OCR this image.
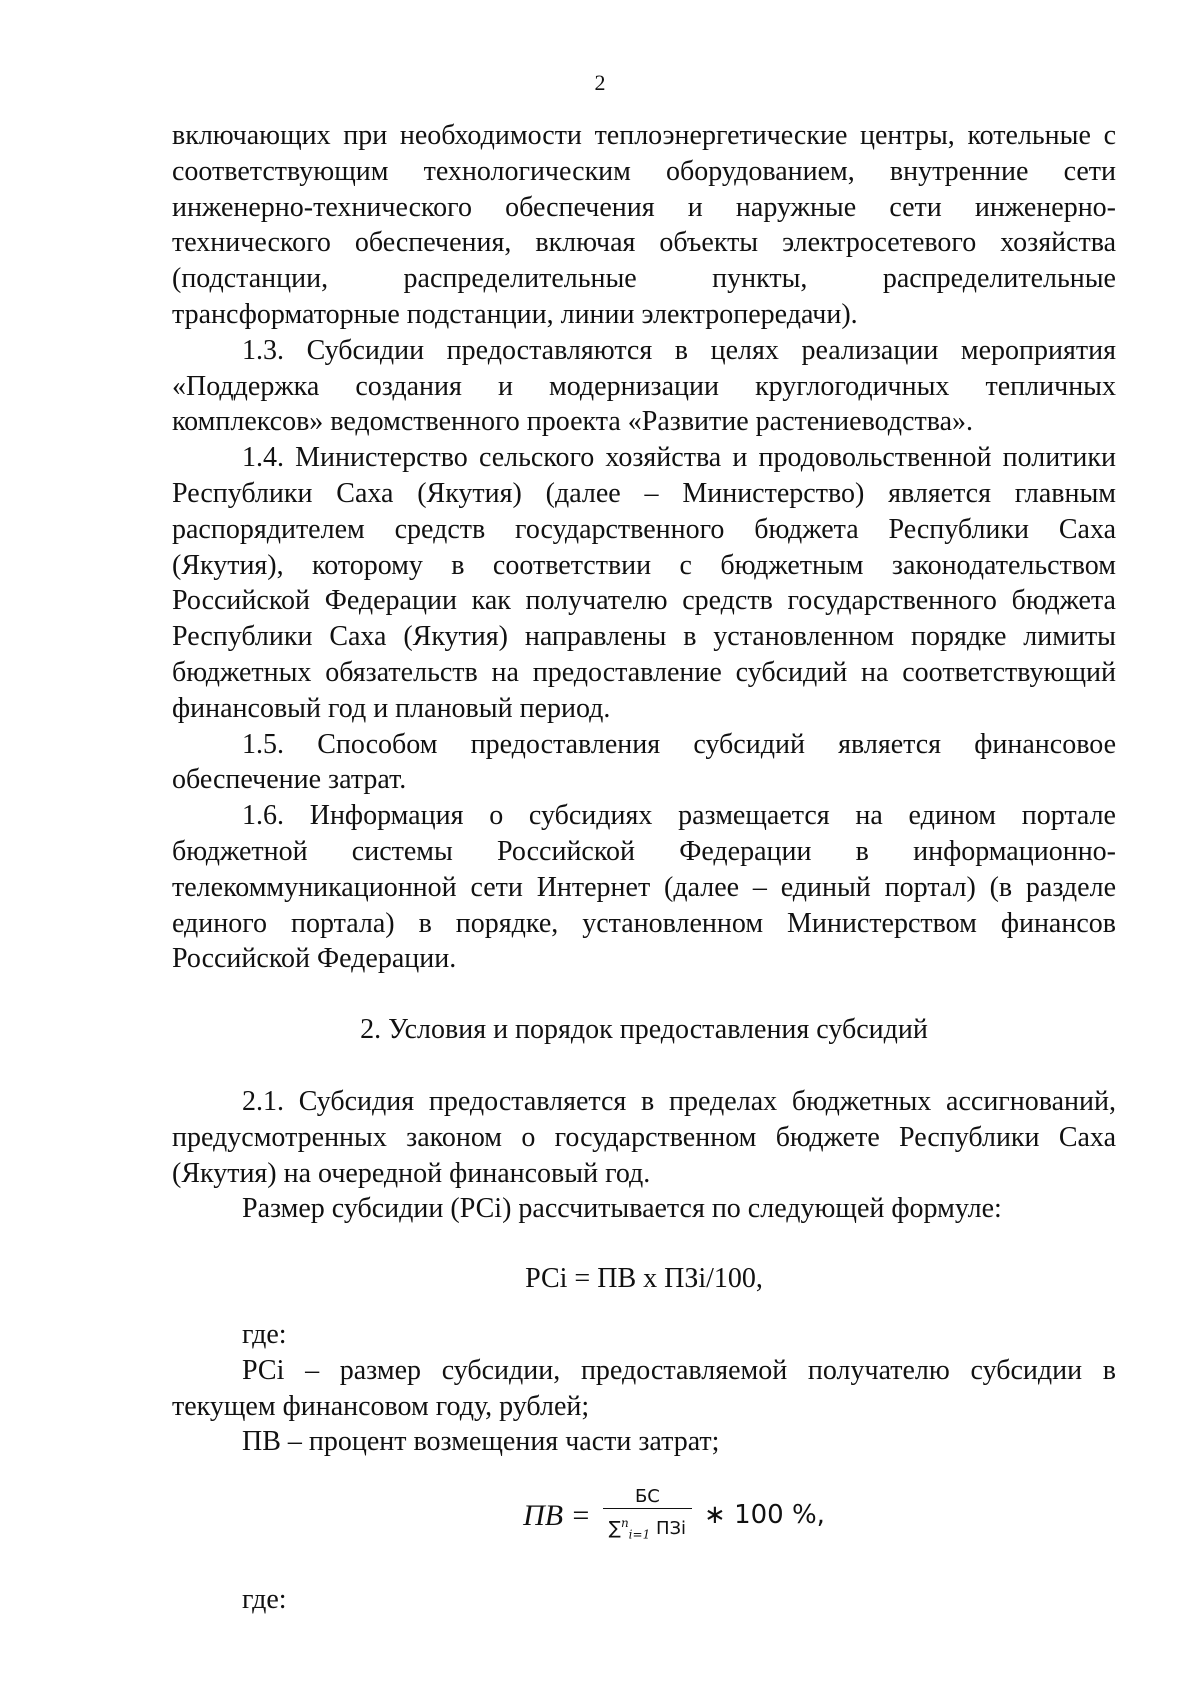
2

включающих при необходимости теплоэнергетические центры, котельные с соответствующим технологическим оборудованием, внутренние сети инженерно-технического обеспечения и наружные сети инженерно-технического обеспечения, включая объекты электросетевого хозяйства (подстанции, распределительные пункты, распределительные трансформаторные подстанции, линии электропередачи).

1.3. Субсидии предоставляются в целях реализации мероприятия «Поддержка создания и модернизации круглогодичных тепличных комплексов» ведомственного проекта «Развитие растениеводства».

1.4. Министерство сельского хозяйства и продовольственной политики Республики Саха (Якутия) (далее – Министерство) является главным распорядителем средств государственного бюджета Республики Саха (Якутия), которому в соответствии с бюджетным законодательством Российской Федерации как получателю средств государственного бюджета Республики Саха (Якутия) направлены в установленном порядке лимиты бюджетных обязательств на предоставление субсидий на соответствующий финансовый год и плановый период.

1.5. Способом предоставления субсидий является финансовое обеспечение затрат.

1.6. Информация о субсидиях размещается на едином портале бюджетной системы Российской Федерации в информационно-телекоммуникационной сети Интернет (далее – единый портал) (в разделе единого портала) в порядке, установленном Министерством финансов Российской Федерации.

2. Условия и порядок предоставления субсидий

2.1. Субсидия предоставляется в пределах бюджетных ассигнований, предусмотренных законом о государственном бюджете Республики Саха (Якутия) на очередной финансовый год.

Размер субсидии (РСi) рассчитывается по следующей формуле:

РСi = ПВ х ПЗi/100,

где:

РСi – размер субсидии, предоставляемой получателю субсидии в текущем финансовом году, рублей;

ПВ – процент возмещения части затрат;

ПВ = $\frac{БС}{\sum^n_{i=1} ПЗi}$ ∗ 100 %,

где:
